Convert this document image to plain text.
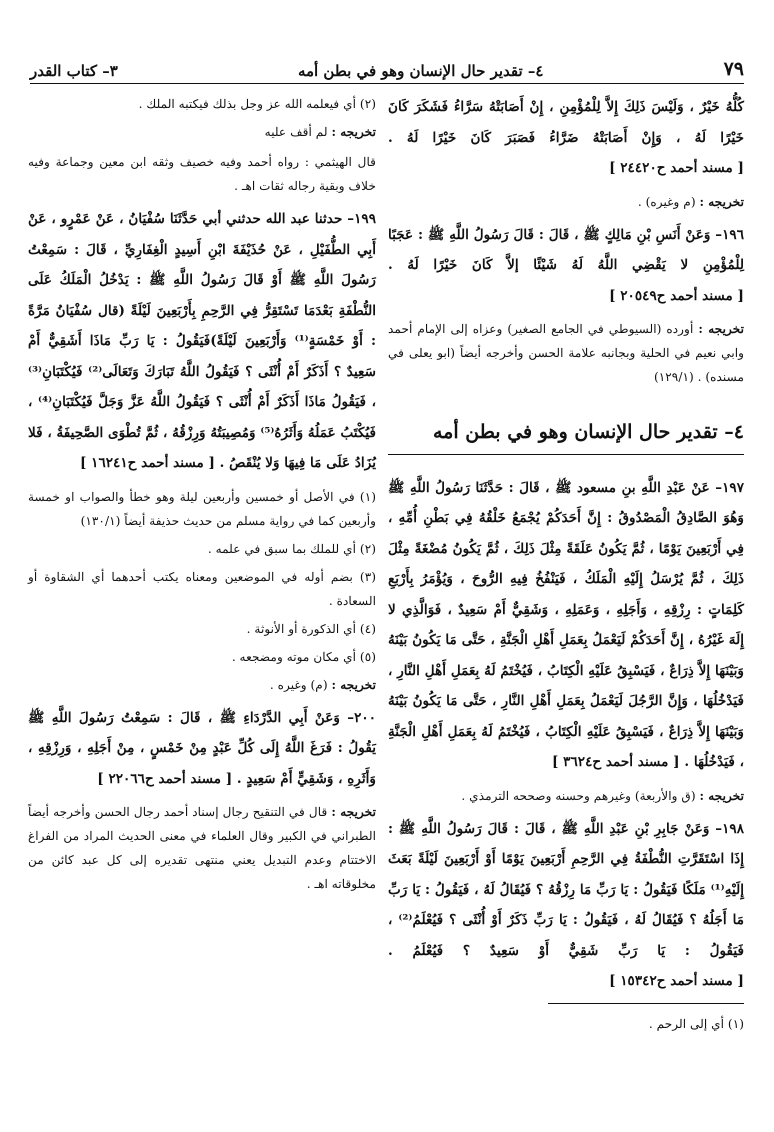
٧٩
٤– تقدير حال الإنسان وهو في بطن أمه
٣– كتاب القدر

كُلُّهُ خَيْرٌ ، وَلَيْسَ ذَلِكَ إِلاَّ لِلْمُؤْمِنِ ، إِنْ أَصَابَتْهُ سَرَّاءُ فَشَكَرَ كَانَ خَيْرًا لَهُ ، وَإِنْ أَصَابَتْهُ ضَرَّاءُ فَصَبَرَ كَانَ خَيْرًا لَهُ . [ مسند أحمد ح٢٤٤٢٠ ]

تخريجه : (م وغيره) .

١٩٦– وَعَنْ أَنَسِ بْنِ مَالِكٍ ﷺ ، قَالَ : قَالَ رَسُولُ اللَّهِ ﷺ : عَجَبًا لِلْمُؤْمِنِ لا يَقْضِي اللَّهُ لَهُ شَيْئًا إلاَّ كَانَ خَيْرًا لَهُ . [ مسند أحمد ح٢٠٥٤٩ ]

تخريجه : أورده (السيوطي في الجامع الصغير) وعزاه إلى الإمام أحمد وابي نعيم في الحلية وبجانبه علامة الحسن وأخرجه أيضاً (ابو يعلى في مسنده) . (١٢٩/١)

٤– تقدير حال الإنسان وهو في بطن أمه

١٩٧– عَنْ عَبْدِ اللَّهِ بنِ مسعود ﷺ ، قَالَ : حَدَّثَنَا رَسُولُ اللَّهِ ﷺ وَهُوَ الصَّادِقُ الْمَصْدُوقُ : إِنَّ أَحَدَكُمْ يُجْمَعُ خَلْقُهُ فِي بَطْنِ أُمِّهِ ، فِي أَرْبَعِينَ يَوْمًا ، ثُمَّ يَكُونُ عَلَقَةً مِثْلَ ذَلِكَ ، ثُمَّ يَكُونُ مُضْغَةً مِثْلَ ذَلِكَ ، ثُمَّ يُرْسَلُ إِلَيْهِ الْمَلَكُ ، فَيَنْفُخُ فِيهِ الرُّوحَ ، وَيُؤْمَرُ بِأَرْبَعِ كَلِمَاتٍ : رِزْقِهِ ، وَأَجَلِهِ ، وَعَمَلِهِ ، وَشَقِيٌّ أَمْ سَعِيدٌ ، فَوَالَّذِي لا إِلَهَ غَيْرُهُ ، إِنَّ أَحَدَكُمْ لَيَعْمَلُ بِعَمَلِ أَهْلِ الْجَنَّةِ ، حَتَّى مَا يَكُونُ بَيْنَهُ وَبَيْنَهَا إِلاَّ ذِرَاعٌ ، فَيَسْبِقُ عَلَيْهِ الْكِتَابُ ، فَيُخْتَمُ لَهُ بِعَمَلِ أَهْلِ النَّارِ ، فَيَدْخُلُهَا ، وَإِنَّ الرَّجُلَ لَيَعْمَلُ بِعَمَلِ أَهْلِ النَّارِ ، حَتَّى مَا يَكُونُ بَيْنَهُ وَبَيْنَهَا إِلاَّ ذِرَاعٌ ، فَيَسْبِقُ عَلَيْهِ الْكِتَابُ ، فَيُخْتَمُ لَهُ بِعَمَلِ أَهْلِ الْجَنَّةِ ، فَيَدْخُلُهَا . [ مسند أحمد ح٣٦٢٤ ]

تخريجه : (ق والأربعة) وغيرهم وحسنه وصححه الترمذي .

١٩٨– وَعَنْ جَابِرِ بْنِ عَبْدِ اللَّهِ ﷺ ، قَالَ : قَالَ رَسُولُ اللَّهِ ﷺ : إِذَا اسْتَقَرَّتِ النُّطْفَةُ فِي الرَّحِمِ أَرْبَعِينَ يَوْمًا أَوْ أَرْبَعِينَ لَيْلَةً بَعَثَ إِلَيْهِ⁽¹⁾ مَلَكًا فَيَقُولُ : يَا رَبِّ مَا رِزْقُهُ ؟ فَيُقَالُ لَهُ ، فَيَقُولُ : يَا رَبِّ مَا أَجَلُهُ ؟ فَيُقَالُ لَهُ ، فَيَقُولُ : يَا رَبِّ ذَكَرٌ أَوْ أُنْثَى ؟ فَيُعْلَمُ⁽²⁾ ، فَيَقُولُ : يَا رَبِّ شَقِيٌّ أَوْ سَعِيدٌ ؟ فَيُعْلَمُ . [ مسند أحمد ح١٥٣٤٢ ]

(١) أي إلى الرحم .

(٢) أي فيعلمه الله عز وجل بذلك فيكتبه الملك .

تخريجه : لم أقف عليه

قال الهيثمي : رواه أحمد وفيه خصيف وثقه ابن معين وجماعة وفيه خلاف وبقية رجاله ثقات اهـ .

١٩٩– حدثنا عبد الله حدثني أبي حَدَّثَنَا سُفْيَانُ ، عَنْ عَمْرٍو ، عَنْ أَبِي الطُّفَيْلِ ، عَنْ حُذَيْفَةَ ابْنِ أَسِيدٍ الْغِفَارِيِّ ، قَالَ : سَمِعْتُ رَسُولَ اللَّهِ ﷺ أَوْ قَالَ رَسُولُ اللَّهِ ﷺ : يَدْخُلُ الْمَلَكُ عَلَى النُّطْفَةِ بَعْدَمَا تَسْتَقِرُّ فِي الرَّحِمِ بِأَرْبَعِينَ لَيْلَةً (قال سُفْيَانُ مَرَّةً : أَوْ خَمْسَةٍ⁽¹⁾ وَأَرْبَعِينَ لَيْلَةً)فَيَقُولُ : يَا رَبِّ مَاذَا أَشَقِيٌّ أَمْ سَعِيدٌ ؟ أَذَكَرٌ أَمْ أُنْثَى ؟ فَيَقُولُ اللَّهُ تَبَارَكَ وَتَعَالَى⁽²⁾ فَيُكْتَبَانِ⁽³⁾ ، فَيَقُولُ مَاذَا أَذَكَرٌ أَمْ أُنْثَى ؟ فَيَقُولُ اللَّهُ عَزَّ وَجَلَّ فَيُكْتَبَانِ⁽⁴⁾ ، فَيُكْتَبُ عَمَلُهُ وَأَثَرُهُ⁽⁵⁾ وَمُصِيبَتُهُ وَرِزْقُهُ ، ثُمَّ تُطْوَى الصَّحِيفَةُ ، فَلا يُزَادُ عَلَى مَا فِيهَا وَلا يُنْقَصُ . [ مسند أحمد ح١٦٢٤١ ]

(١) في الأصل أو خمسين وأربعين ليلة وهو خطأ والصواب او خمسة وأربعين كما في رواية مسلم من حديث حذيفة أيضاً (١٣٠/١)

(٢) أي للملك بما سبق في علمه .

(٣) بضم أوله في الموضعين ومعناه يكتب أحدهما أي الشقاوة أو السعادة .

(٤) أي الذكورة أو الأنوثة .

(٥) أي مكان موته ومضجعه .

تخريجه : (م) وغيره .

٢٠٠– وَعَنْ أَبِي الدَّرْدَاءِ ﷺ ، قَالَ : سَمِعْتُ رَسُولَ اللَّهِ ﷺ يَقُولُ : فَرَغَ اللَّهُ إِلَى كُلِّ عَبْدٍ مِنْ خَمْسٍ ، مِنْ أَجَلِهِ ، وَرِزْقِهِ ، وَأَثَرِهِ ، وَشَقِيٍّ أَمْ سَعِيدٍ . [ مسند أحمد ح٢٢٠٦٦ ]

تخريجه : قال في التنقيح رجال إسناد أحمد رجال الحسن وأخرجه أيضاً الطبراني في الكبير وقال العلماء في معنى الحديث المراد من الفراغ الاختتام وعدم التبديل يعني منتهى تقديره إلى كل عبد كائن من مخلوقاته اهـ .
